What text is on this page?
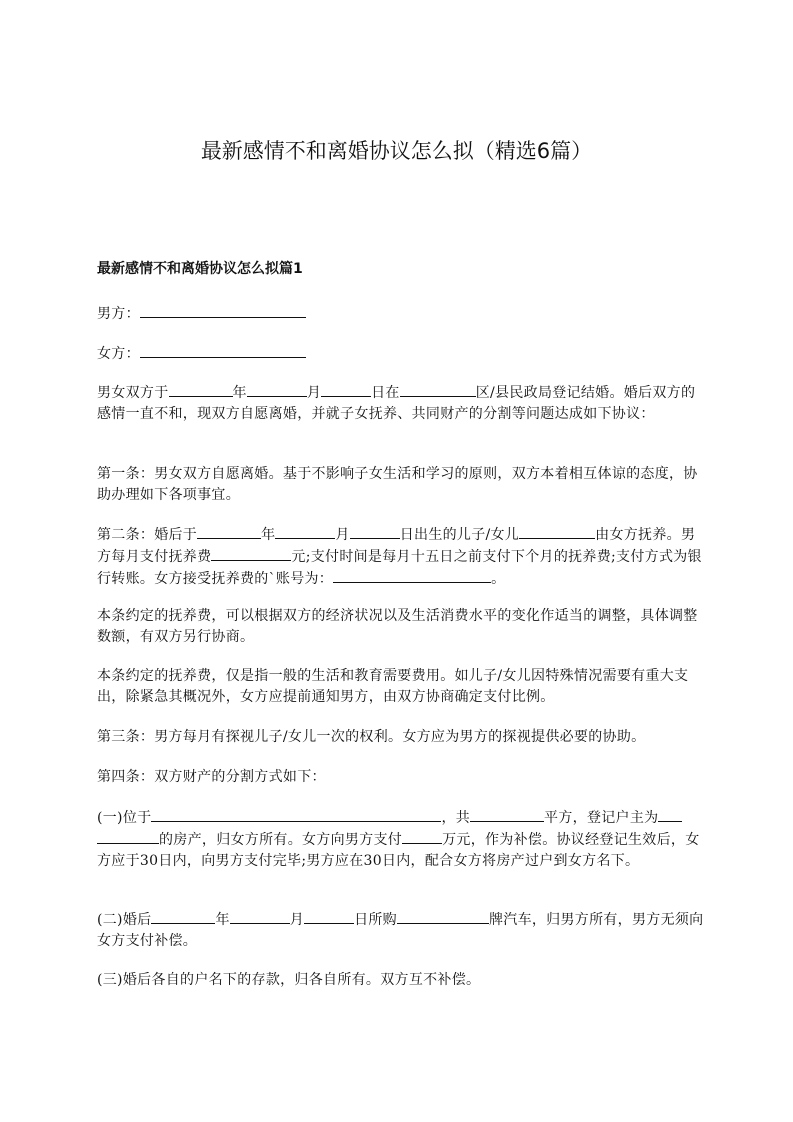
最新感情不和离婚协议怎么拟（精选6篇）
最新感情不和离婚协议怎么拟篇1
男方：
女方：
男女双方于	年	月	日在	区/县民政局登记结婚。婚后双方的感情一直不和，现双方自愿离婚，并就子女抚养、共同财产的分割等问题达成如下协议：
第一条：男女双方自愿离婚。基于不影响子女生活和学习的原则，双方本着相互体谅的态度，协助办理如下各项事宜。
第二条：婚后于	年	月	日出生的儿子/女儿	由女方抚养。男方每月支付抚养费	元;支付时间是每月十五日之前支付下个月的抚养费;支付方式为银行转账。女方接受抚养费的`账号为：	。
本条约定的抚养费，可以根据双方的经济状况以及生活消费水平的变化作适当的调整，具体调整数额，有双方另行协商。
本条约定的抚养费，仅是指一般的生活和教育需要费用。如儿子/女儿因特殊情况需要有重大支出，除紧急其概况外，女方应提前通知男方，由双方协商确定支付比例。
第三条：男方每月有探视儿子/女儿一次的权利。女方应为男方的探视提供必要的协助。
第四条：双方财产的分割方式如下：
(一)位于	，共	平方，登记户主为的房产，归女方所有。女方向男方支付	万元，作为补偿。协议经登记生效后，女方应于30日内，向男方支付完毕;男方应在30日内，配合女方将房产过户到女方名下。
(二)婚后	年	月	日所购	牌汽车，归男方所有，男方无须向女方支付补偿。
(三)婚后各自的户名下的存款，归各自所有。双方互不补偿。
